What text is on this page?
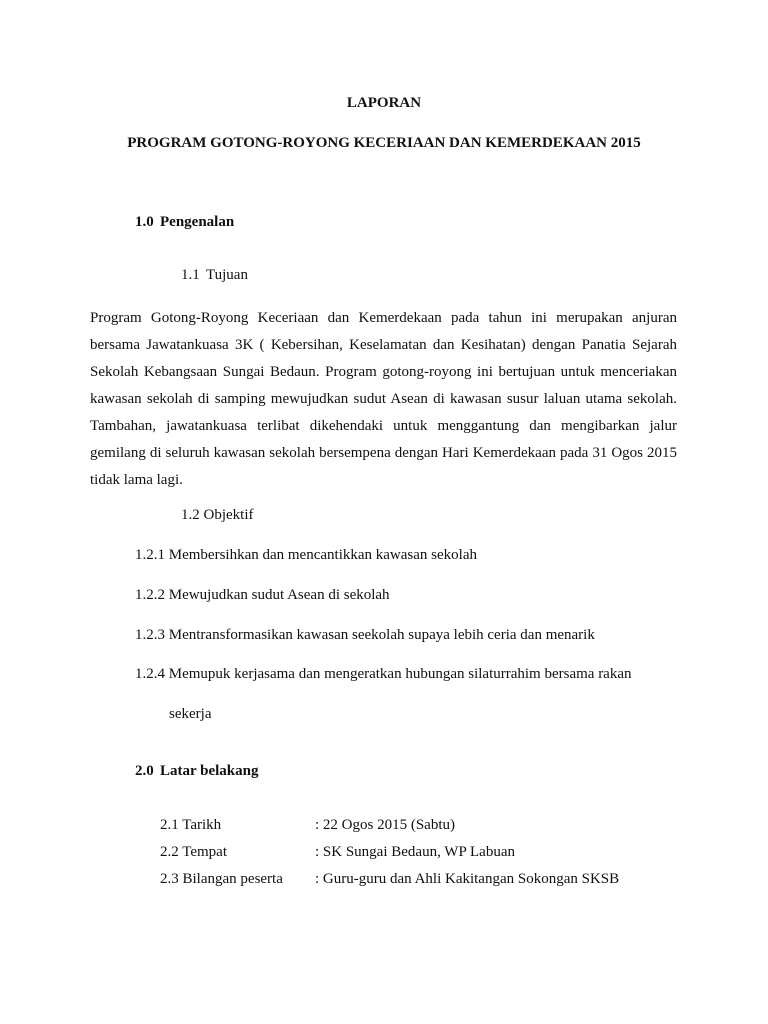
LAPORAN
PROGRAM GOTONG-ROYONG KECERIAAN DAN KEMERDEKAAN 2015
1.0 Pengenalan
1.1 Tujuan

Program Gotong-Royong Keceriaan dan Kemerdekaan pada tahun ini merupakan anjuran bersama Jawatankuasa 3K ( Kebersihan, Keselamatan dan Kesihatan) dengan Panatia Sejarah Sekolah Kebangsaan Sungai Bedaun. Program gotong-royong ini bertujuan untuk menceriakan kawasan sekolah di samping mewujudkan sudut Asean di kawasan susur laluan utama sekolah. Tambahan, jawatankuasa terlibat dikehendaki untuk menggantung dan mengibarkan jalur gemilang di seluruh kawasan sekolah bersempena dengan Hari Kemerdekaan pada 31 Ogos 2015 tidak lama lagi.

1.2 Objektif
1.2.1 Membersihkan dan mencantikkan kawasan sekolah
1.2.2 Mewujudkan sudut Asean di sekolah
1.2.3 Mentransformasikan kawasan seekolah supaya lebih ceria dan menarik
1.2.4 Memupuk kerjasama dan mengeratkan hubungan silaturrahim bersama rakan
sekerja
2.0 Latar belakang
2.1 Tarikh	: 22 Ogos 2015 (Sabtu)
2.2 Tempat	: SK Sungai Bedaun, WP Labuan
2.3 Bilangan peserta : Guru-guru dan Ahli Kakitangan Sokongan SKSB
